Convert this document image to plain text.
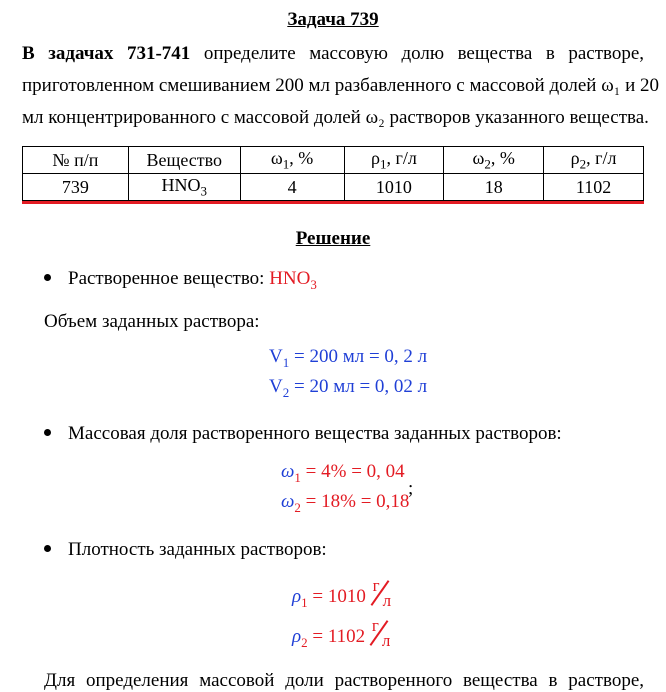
Задача 739
В задачах 731-741 определите массовую долю вещества в растворе,
приготовленном смешиванием 200 мл разбавленного с массовой долей ω₁ и 20
мл концентрированного с массовой долей ω₂ растворов указанного вещества.
№ п/п	Вещество	$\omega_1$, %	$\rho_1$, г/л	$\omega_2$, %	$\rho_2$, г/л
739	$HNO_3$	4	1010	18	1102
Решение
Растворенное вещество: $HNO_3$
Объем заданных раствора:
$V_1 = 200$ мл = 0, 2 л
$V_2 = 20$ мл = 0, 02 л
Массовая доля растворенного вещества заданных растворов:
$\omega_1 = 4\% = 0$, 04
$\omega_2 = 18\% = 0,18$
;
Плотность заданных растворов:
$\rho_1 = 1010$
г
л
$\rho_2 = 1102$
г
л
Для определения массовой доли растворенного вещества в растворе,
